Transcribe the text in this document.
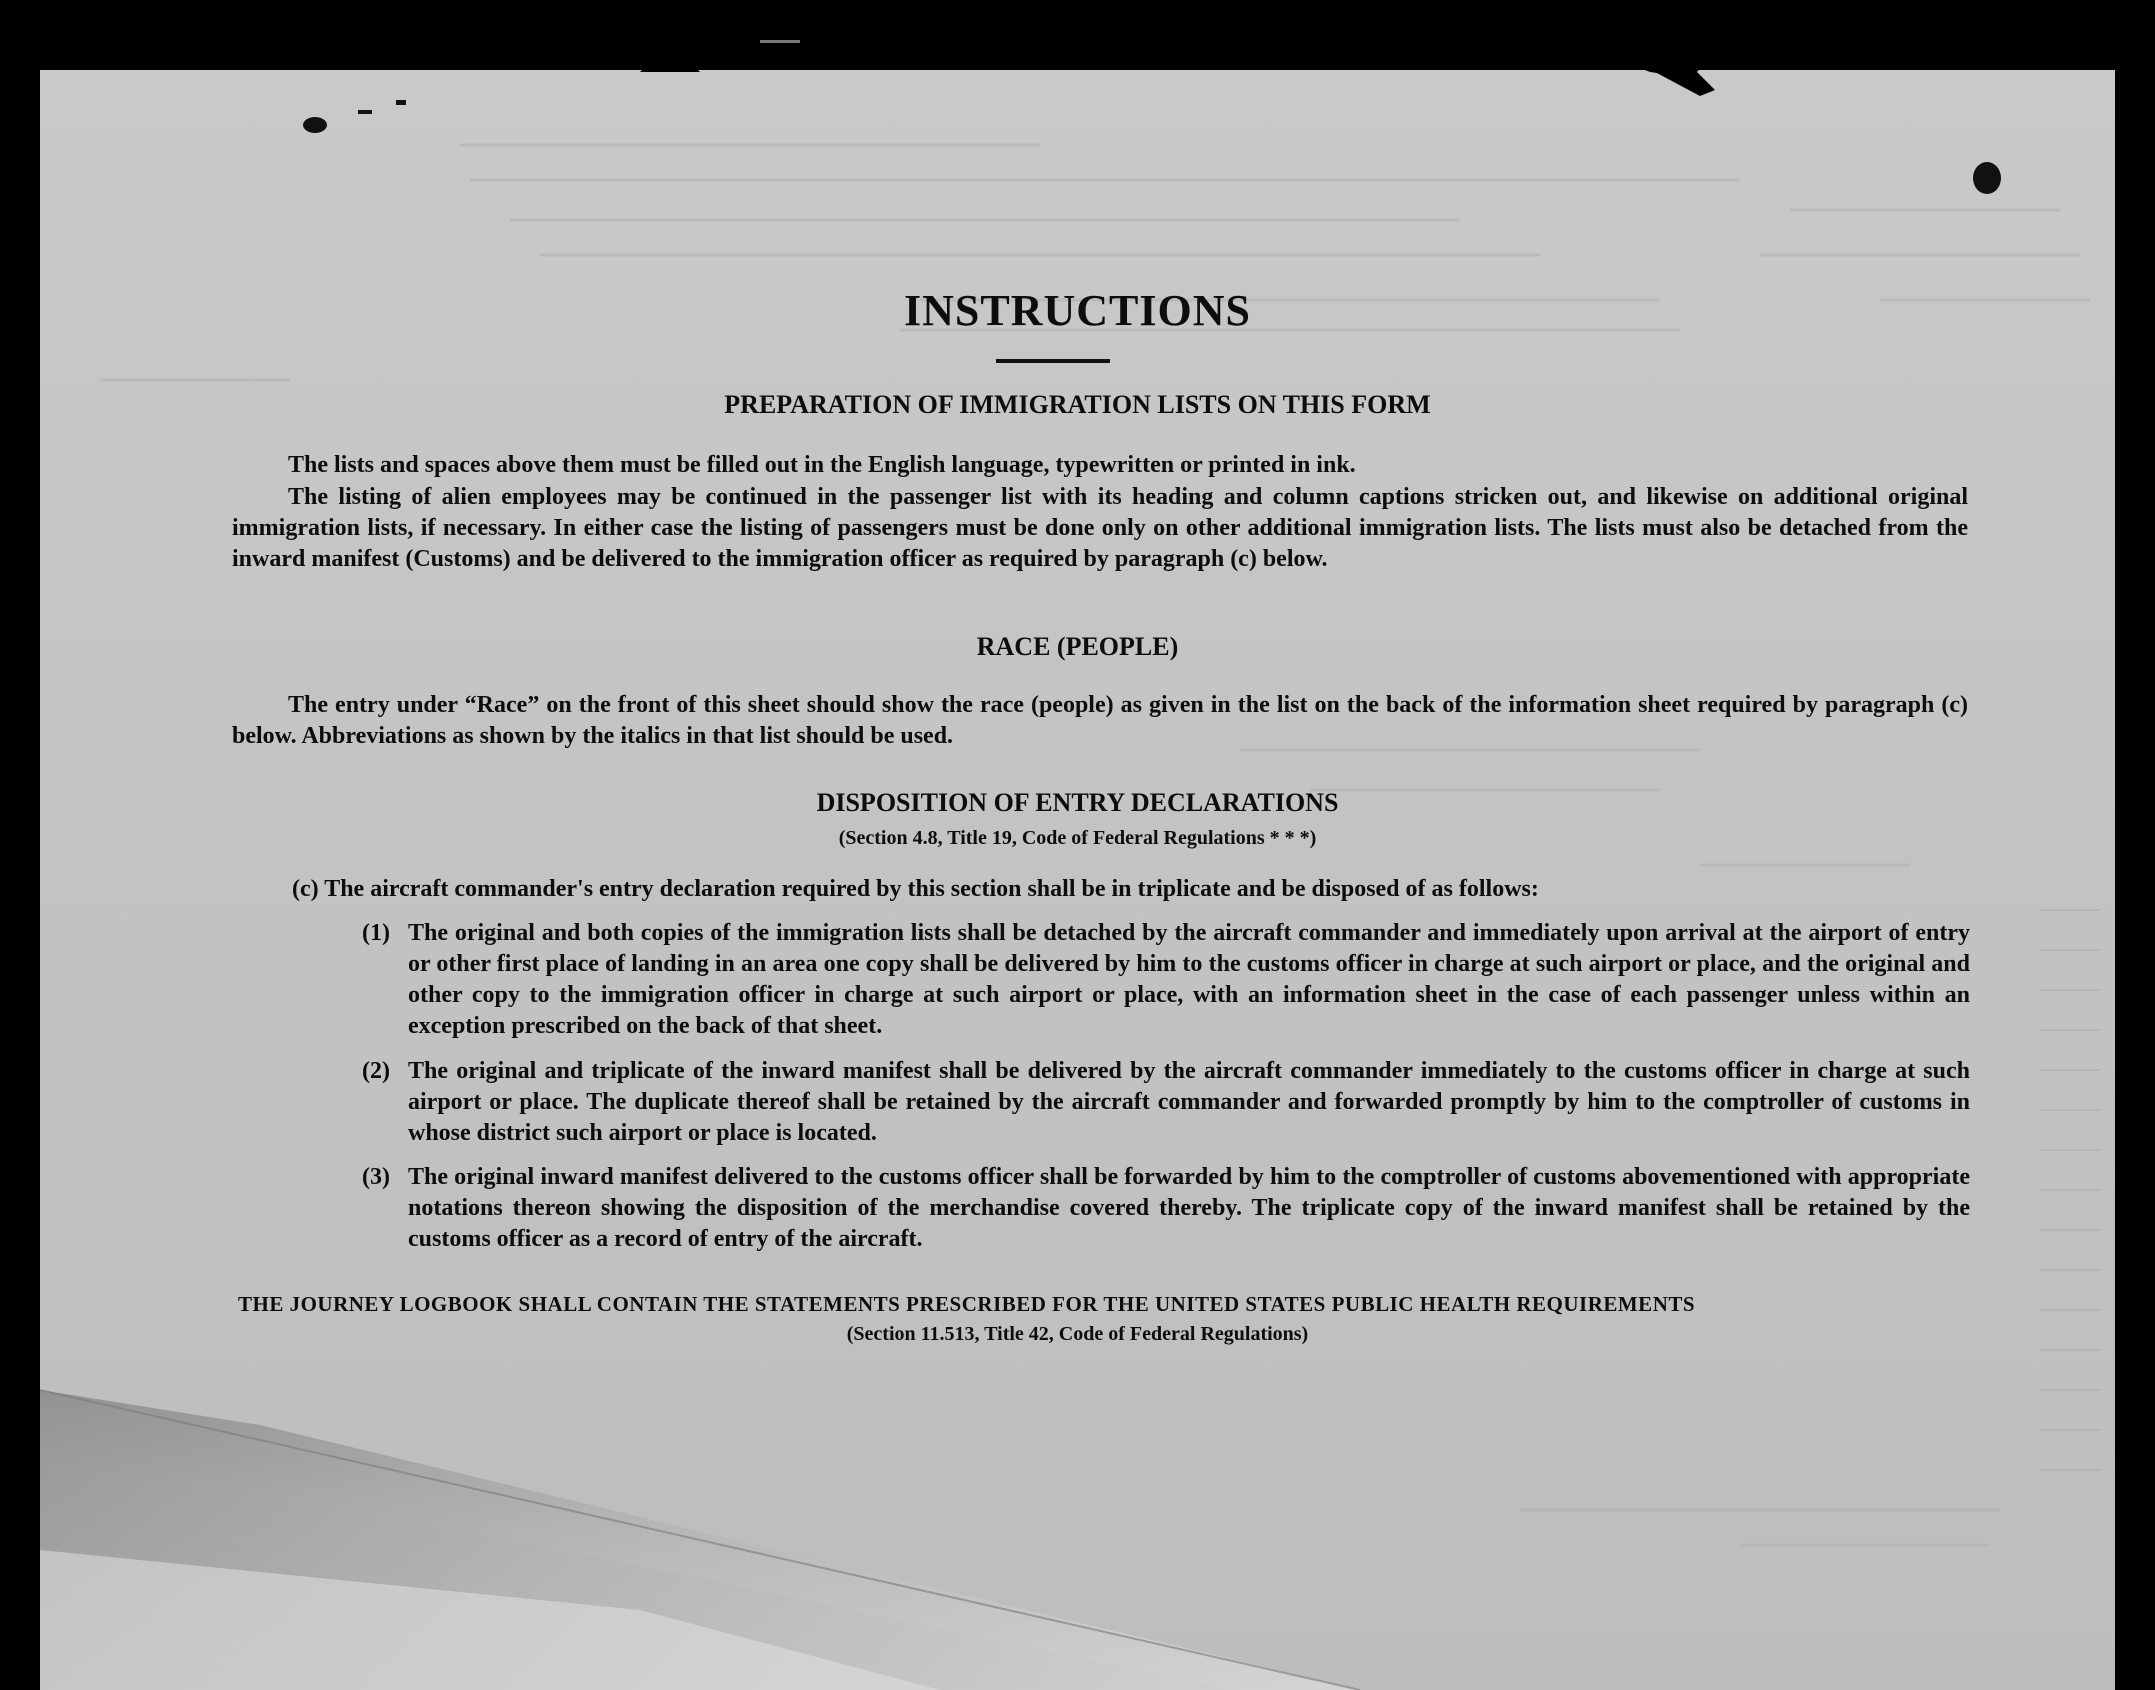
INSTRUCTIONS
PREPARATION OF IMMIGRATION LISTS ON THIS FORM
The lists and spaces above them must be filled out in the English language, typewritten or printed in ink.
The listing of alien employees may be continued in the passenger list with its heading and column captions stricken out, and likewise on additional original immigration lists, if necessary. In either case the listing of passengers must be done only on other additional immigration lists. The lists must also be detached from the inward manifest (Customs) and be delivered to the immigration officer as required by paragraph (c) below.
RACE (PEOPLE)
The entry under “Race” on the front of this sheet should show the race (people) as given in the list on the back of the information sheet required by paragraph (c) below. Abbreviations as shown by the italics in that list should be used.
DISPOSITION OF ENTRY DECLARATIONS
(Section 4.8, Title 19, Code of Federal Regulations * * *)
(c) The aircraft commander's entry declaration required by this section shall be in triplicate and be disposed of as follows:
(1) The original and both copies of the immigration lists shall be detached by the aircraft commander and immediately upon arrival at the airport of entry or other first place of landing in an area one copy shall be delivered by him to the customs officer in charge at such airport or place, and the original and other copy to the immigration officer in charge at such airport or place, with an information sheet in the case of each passenger unless within an exception prescribed on the back of that sheet.
(2) The original and triplicate of the inward manifest shall be delivered by the aircraft commander immediately to the customs officer in charge at such airport or place. The duplicate thereof shall be retained by the aircraft commander and forwarded promptly by him to the comptroller of customs in whose district such airport or place is located.
(3) The original inward manifest delivered to the customs officer shall be forwarded by him to the comptroller of customs abovementioned with appropriate notations thereon showing the disposition of the merchandise covered thereby. The triplicate copy of the inward manifest shall be retained by the customs officer as a record of entry of the aircraft.
THE JOURNEY LOGBOOK SHALL CONTAIN THE STATEMENTS PRESCRIBED FOR THE UNITED STATES PUBLIC HEALTH REQUIREMENTS
(Section 11.513, Title 42, Code of Federal Regulations)
